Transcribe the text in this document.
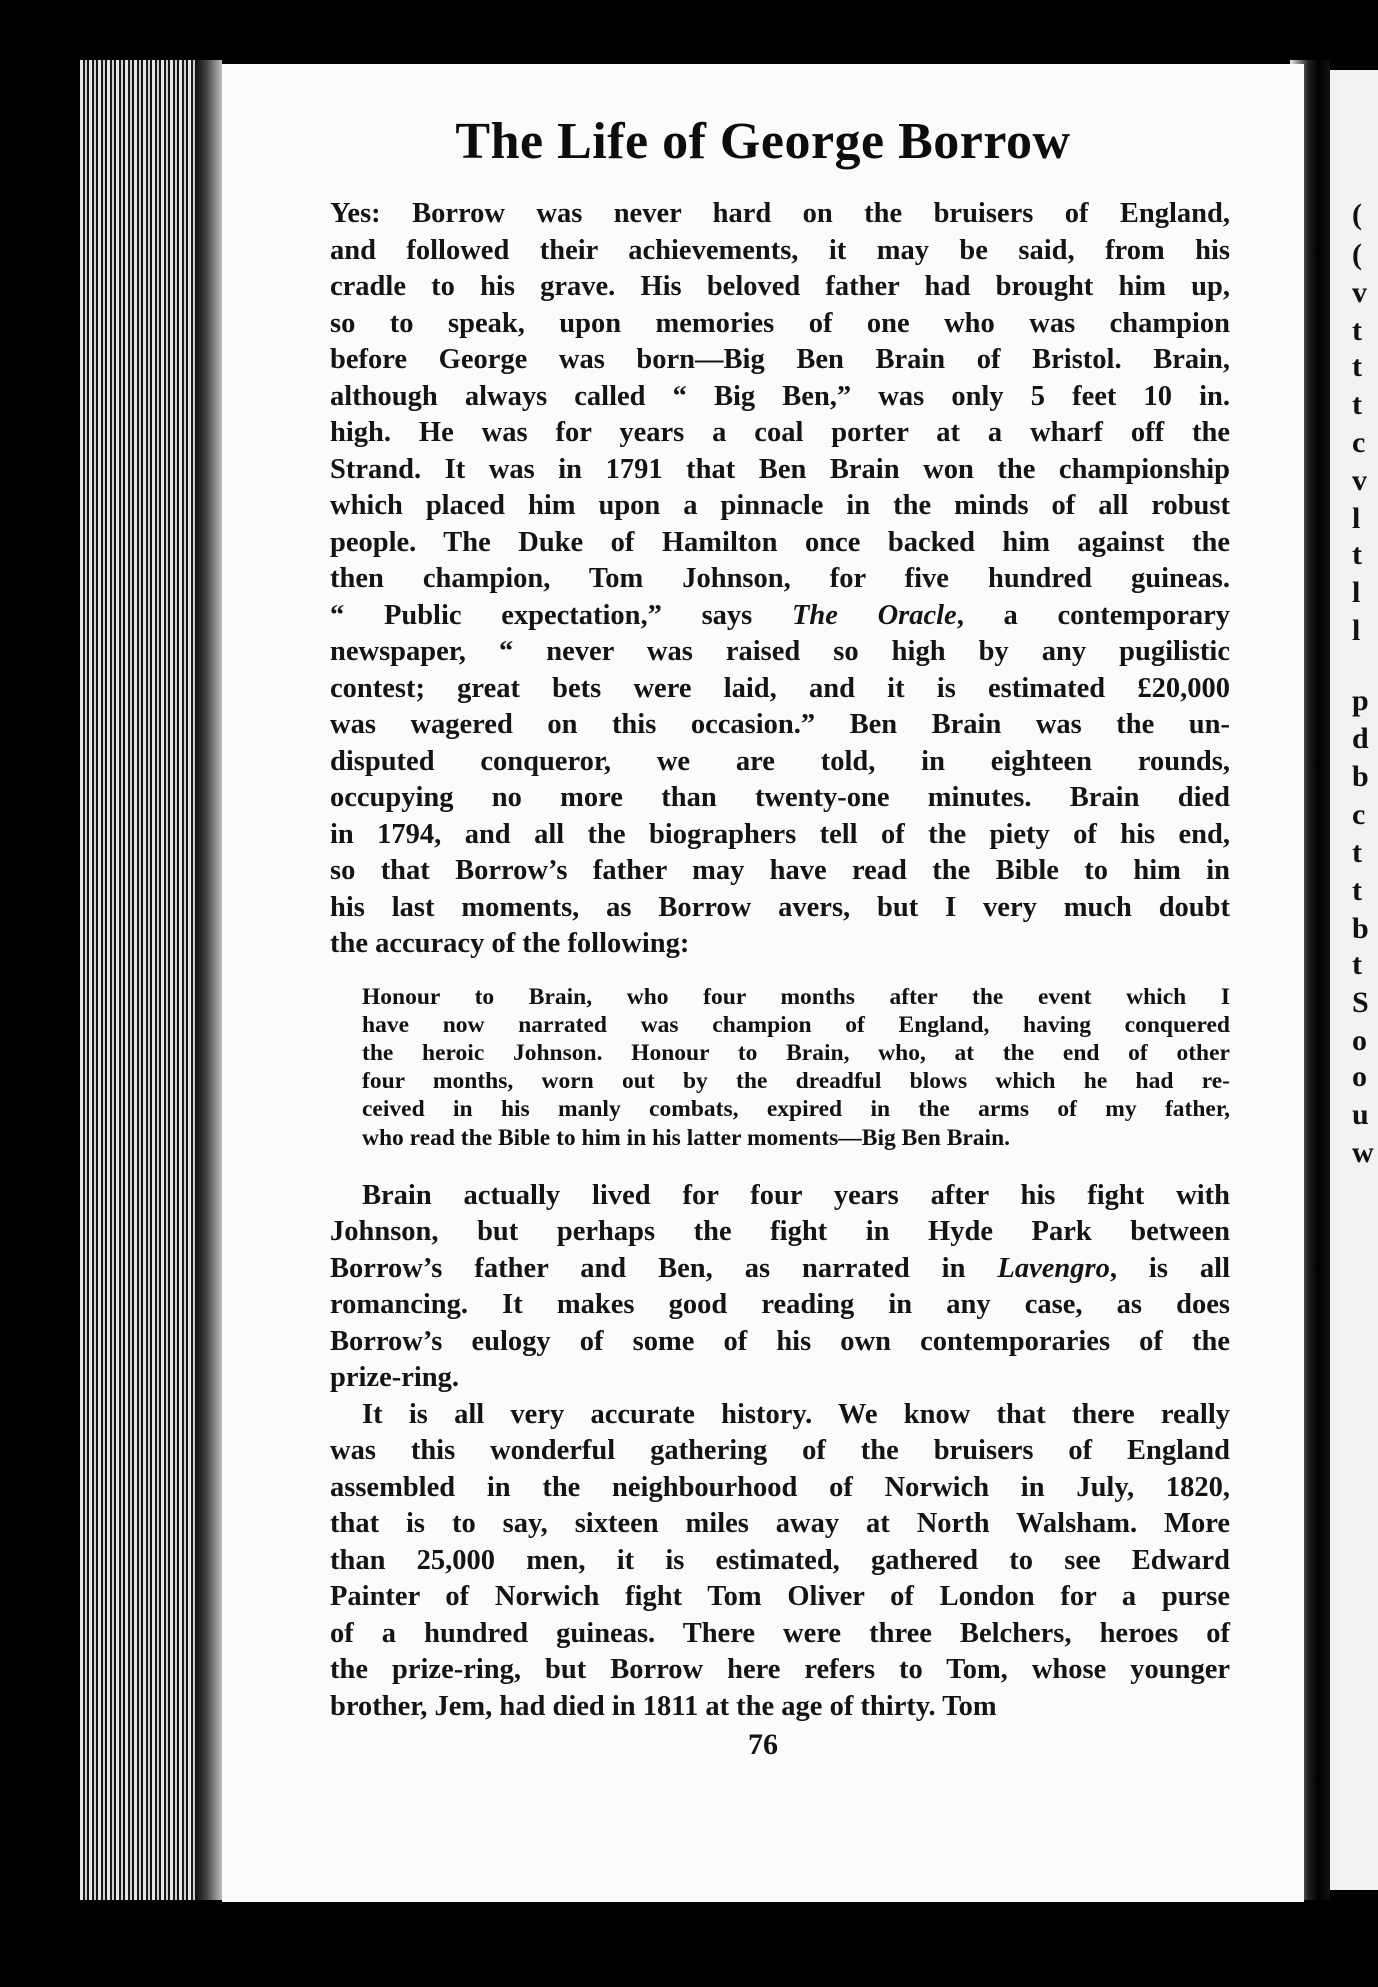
(
(
v
t
t
t
c
v
l
t
l
l
p
d
b
c
t
t
b
t
S
o
o
u
w
The Life of George Borrow
Yes: Borrow was never hard on the bruisers of England,
and followed their achievements, it may be said, from his
cradle to his grave. His beloved father had brought him up,
so to speak, upon memories of one who was champion
before George was born—Big Ben Brain of Bristol. Brain,
although always called “ Big Ben,” was only 5 feet 10 in.
high. He was for years a coal porter at a wharf off the
Strand. It was in 1791 that Ben Brain won the championship
which placed him upon a pinnacle in the minds of all robust
people. The Duke of Hamilton once backed him against the
then champion, Tom Johnson, for five hundred guineas.
“ Public expectation,” says The Oracle, a contemporary
newspaper, “ never was raised so high by any pugilistic
contest; great bets were laid, and it is estimated £20,000
was wagered on this occasion.” Ben Brain was the un-
disputed conqueror, we are told, in eighteen rounds,
occupying no more than twenty-one minutes. Brain died
in 1794, and all the biographers tell of the piety of his end,
so that Borrow’s father may have read the Bible to him in
his last moments, as Borrow avers, but I very much doubt
the accuracy of the following:
Honour to Brain, who four months after the event which I
have now narrated was champion of England, having conquered
the heroic Johnson. Honour to Brain, who, at the end of other
four months, worn out by the dreadful blows which he had re-
ceived in his manly combats, expired in the arms of my father,
who read the Bible to him in his latter moments—Big Ben Brain.
Brain actually lived for four years after his fight with
Johnson, but perhaps the fight in Hyde Park between
Borrow’s father and Ben, as narrated in Lavengro, is all
romancing. It makes good reading in any case, as does
Borrow’s eulogy of some of his own contemporaries of the
prize-ring.
It is all very accurate history. We know that there really
was this wonderful gathering of the bruisers of England
assembled in the neighbourhood of Norwich in July, 1820,
that is to say, sixteen miles away at North Walsham. More
than 25,000 men, it is estimated, gathered to see Edward
Painter of Norwich fight Tom Oliver of London for a purse
of a hundred guineas. There were three Belchers, heroes of
the prize-ring, but Borrow here refers to Tom, whose younger
brother, Jem, had died in 1811 at the age of thirty. Tom
76
